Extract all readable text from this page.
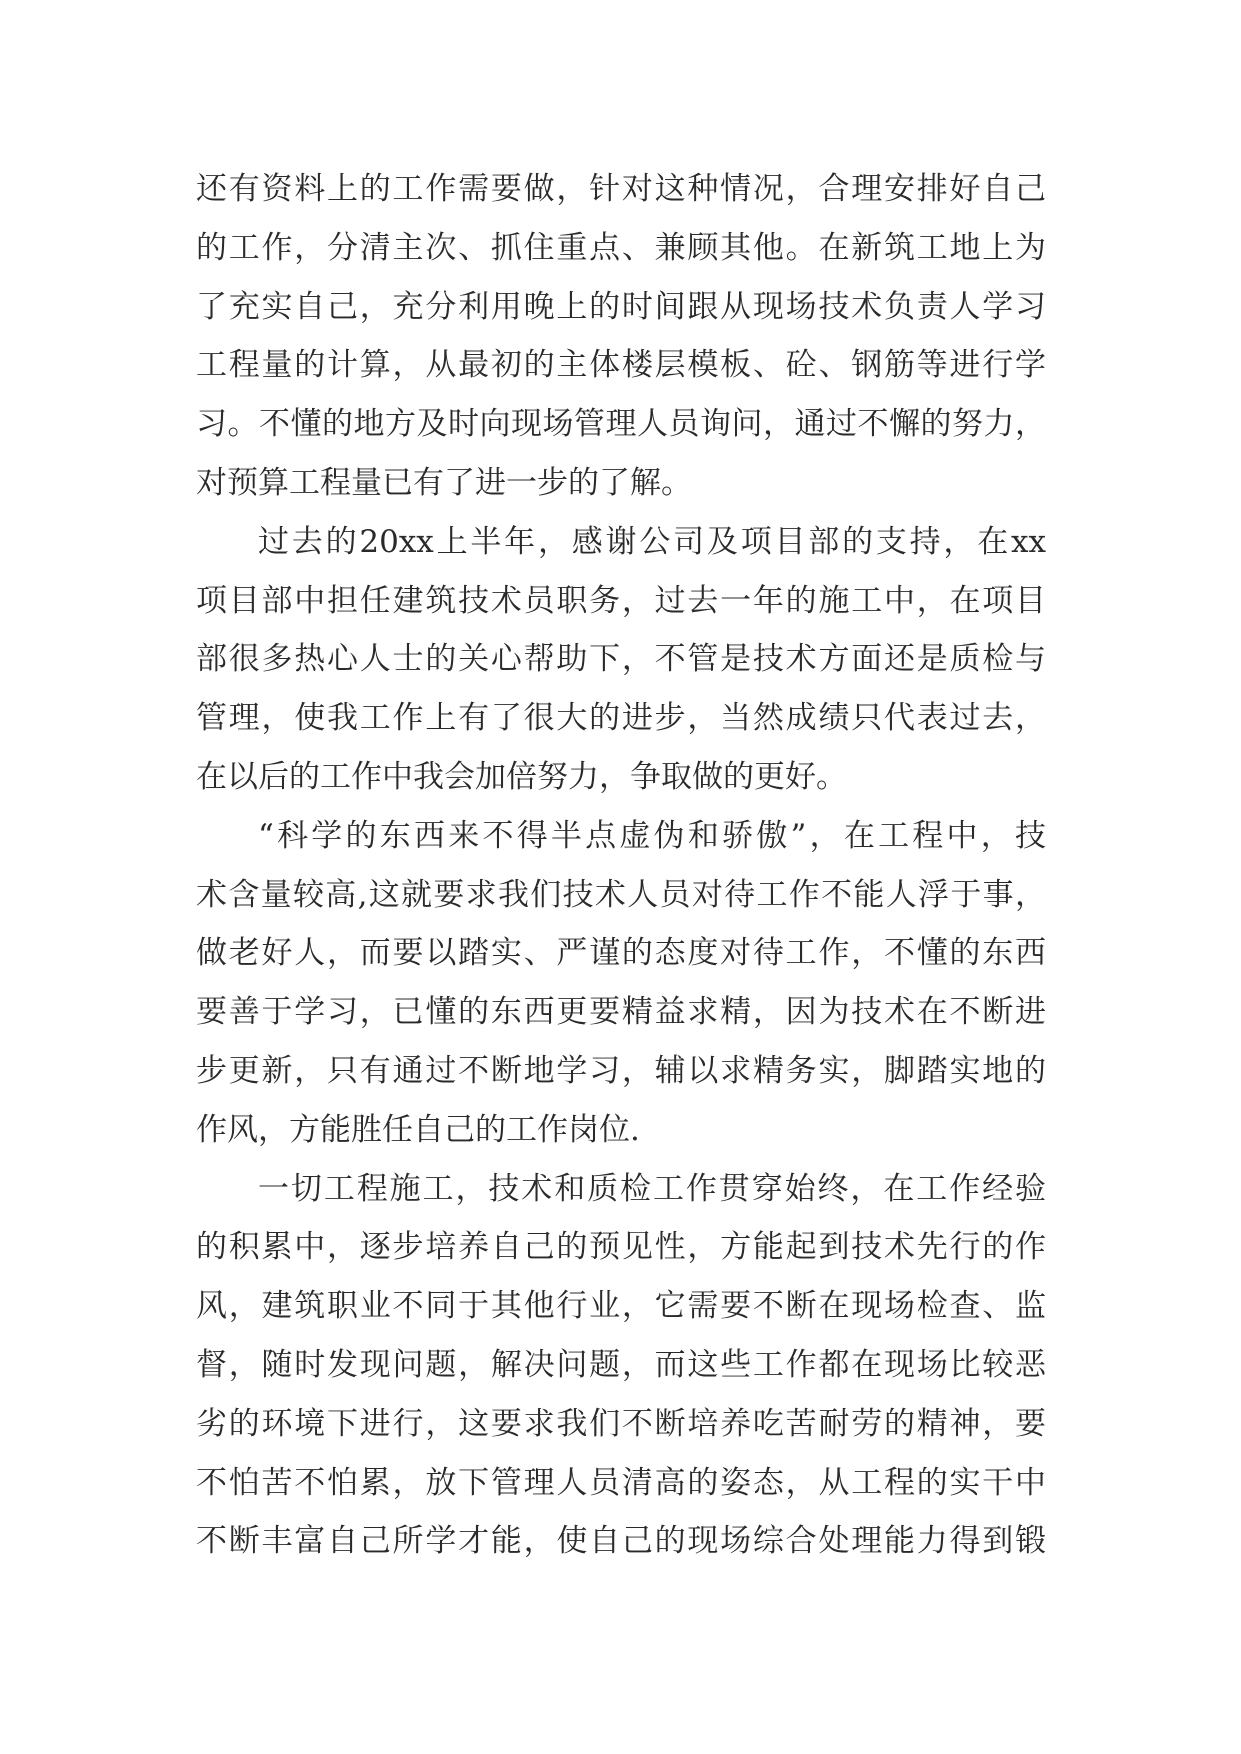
还有资料上的工作需要做，针对这种情况，合理安排好自己
的工作，分清主次、抓住重点、兼顾其他。在新筑工地上为
了充实自己，充分利用晚上的时间跟从现场技术负责人学习
工程量的计算，从最初的主体楼层模板、砼、钢筋等进行学
习。不懂的地方及时向现场管理人员询问，通过不懈的努力，
对预算工程量已有了进一步的了解。
过去的20xx上半年，感谢公司及项目部的支持，在xx
项目部中担任建筑技术员职务，过去一年的施工中，在项目
部很多热心人士的关心帮助下，不管是技术方面还是质检与
管理，使我工作上有了很大的进步，当然成绩只代表过去，
在以后的工作中我会加倍努力，争取做的更好。
“科学的东西来不得半点虚伪和骄傲”，在工程中，技
术含量较高,这就要求我们技术人员对待工作不能人浮于事，
做老好人，而要以踏实、严谨的态度对待工作，不懂的东西
要善于学习，已懂的东西更要精益求精，因为技术在不断进
步更新，只有通过不断地学习，辅以求精务实，脚踏实地的
作风，方能胜任自己的工作岗位.
一切工程施工，技术和质检工作贯穿始终，在工作经验
的积累中，逐步培养自己的预见性，方能起到技术先行的作
风，建筑职业不同于其他行业，它需要不断在现场检查、监
督，随时发现问题，解决问题，而这些工作都在现场比较恶
劣的环境下进行，这要求我们不断培养吃苦耐劳的精神，要
不怕苦不怕累，放下管理人员清高的姿态，从工程的实干中
不断丰富自己所学才能，使自己的现场综合处理能力得到锻
